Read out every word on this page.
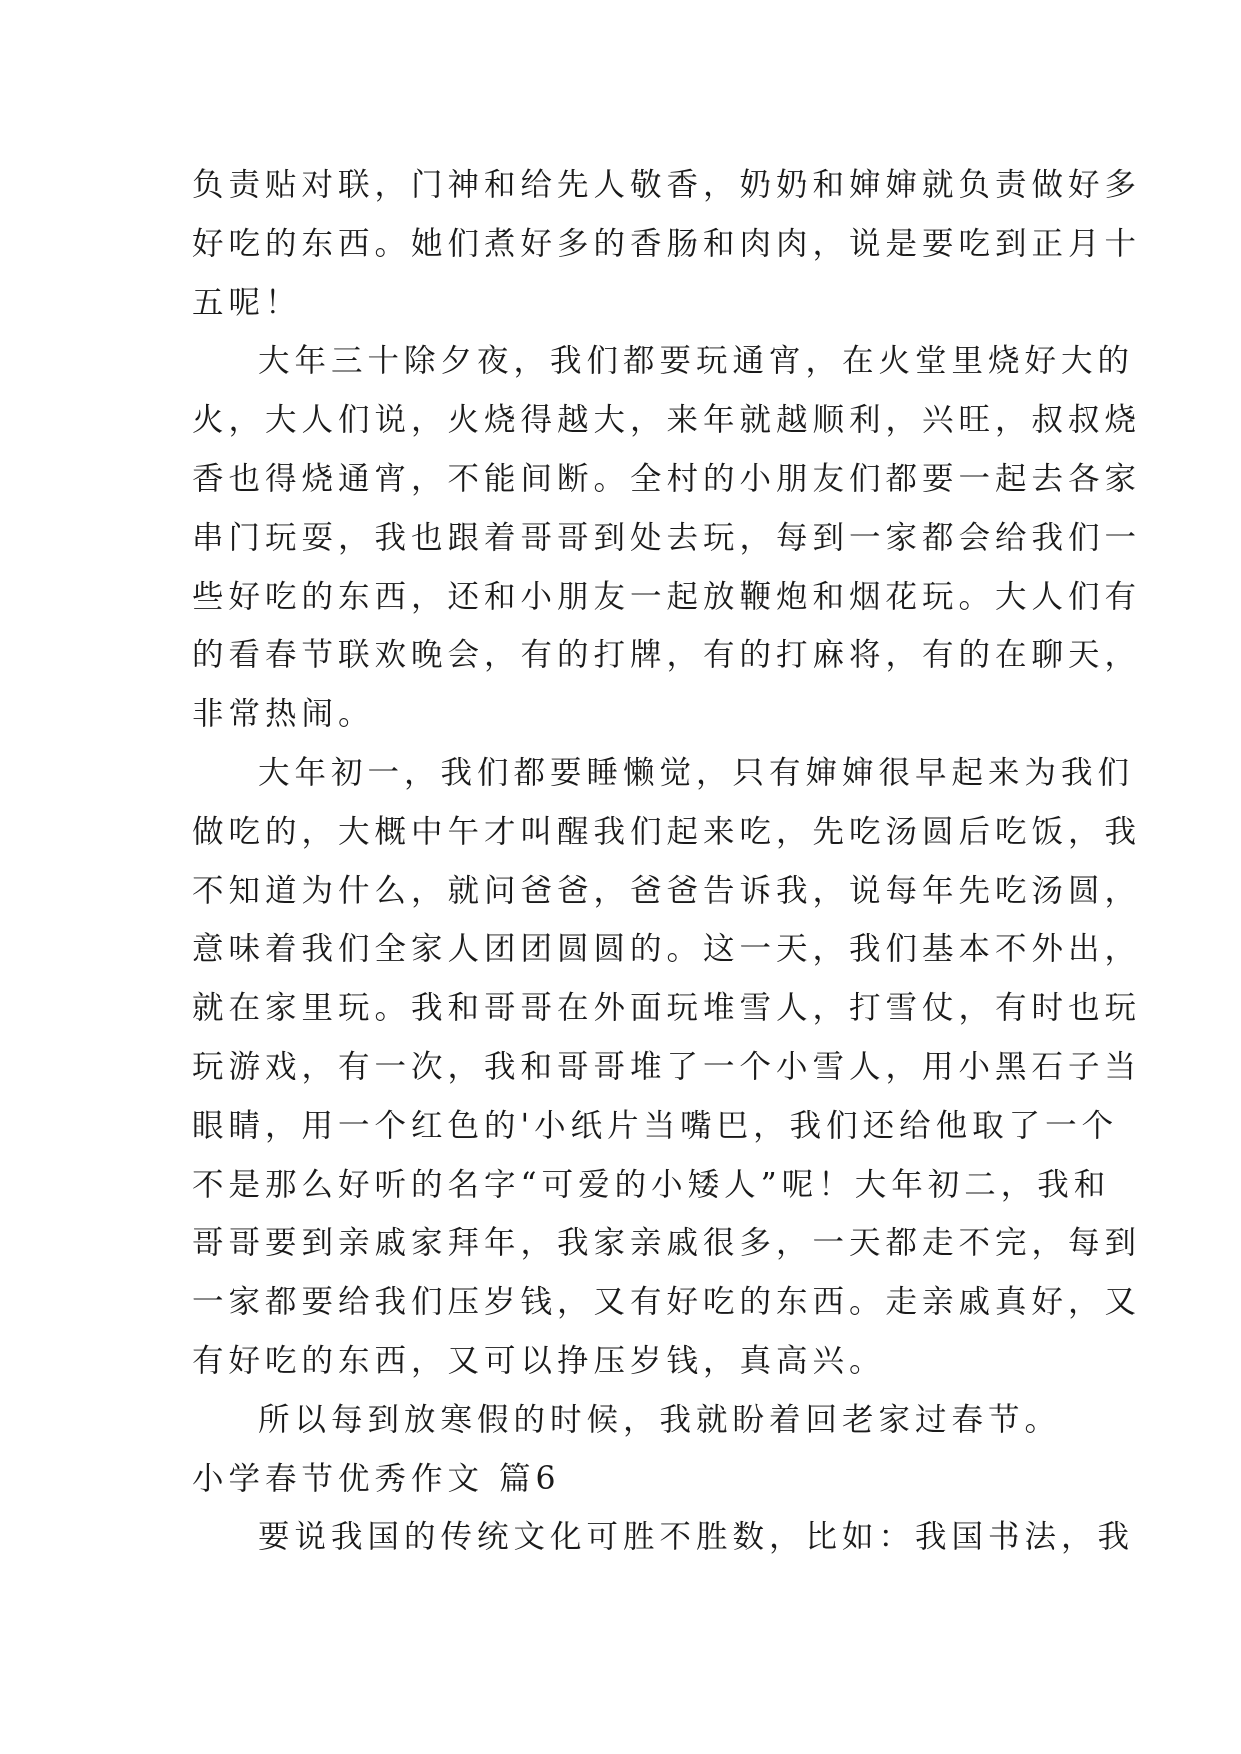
负责贴对联，门神和给先人敬香，奶奶和婶婶就负责做好多
好吃的东西。她们煮好多的香肠和肉肉，说是要吃到正月十
五呢！
大年三十除夕夜，我们都要玩通宵，在火堂里烧好大的
火，大人们说，火烧得越大，来年就越顺利，兴旺，叔叔烧
香也得烧通宵，不能间断。全村的小朋友们都要一起去各家
串门玩耍，我也跟着哥哥到处去玩，每到一家都会给我们一
些好吃的东西，还和小朋友一起放鞭炮和烟花玩。大人们有
的看春节联欢晚会，有的打牌，有的打麻将，有的在聊天，
非常热闹。
大年初一，我们都要睡懒觉，只有婶婶很早起来为我们
做吃的，大概中午才叫醒我们起来吃，先吃汤圆后吃饭，我
不知道为什么，就问爸爸，爸爸告诉我，说每年先吃汤圆，
意味着我们全家人团团圆圆的。这一天，我们基本不外出，
就在家里玩。我和哥哥在外面玩堆雪人，打雪仗，有时也玩
玩游戏，有一次，我和哥哥堆了一个小雪人，用小黑石子当
眼睛，用一个红色的'小纸片当嘴巴，我们还给他取了一个
不是那么好听的名字“可爱的小矮人”呢！大年初二，我和
哥哥要到亲戚家拜年，我家亲戚很多，一天都走不完，每到
一家都要给我们压岁钱，又有好吃的东西。走亲戚真好，又
有好吃的东西，又可以挣压岁钱，真高兴。
所以每到放寒假的时候，我就盼着回老家过春节。
小学春节优秀作文 篇6
要说我国的传统文化可胜不胜数，比如：我国书法，我
